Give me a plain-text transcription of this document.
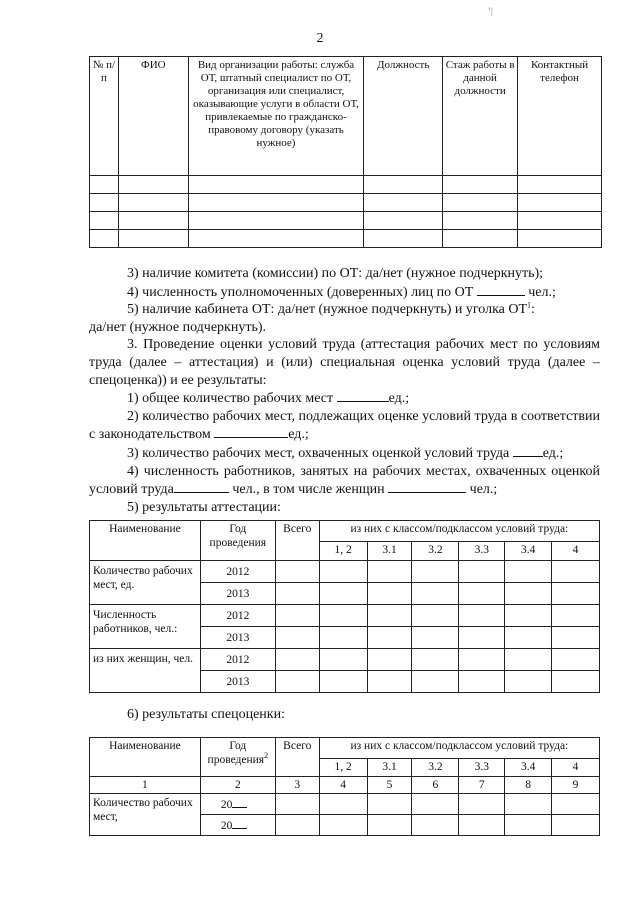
ʽ|
2
№ п/п	ФИО	Вид организации работы: служба ОТ, штатный специалист по ОТ, организация или специалист, оказывающие услуги в области ОТ, привлекаемые по гражданско-правовому договору (указать нужное)	Должность	Стаж работы в данной должности	Контактный телефон

3) наличие комитета (комиссии) по ОТ: да/нет (нужное подчеркнуть);

4) численность уполномоченных (доверенных) лиц по ОТ	чел.;

5) наличие кабинета ОТ: да/нет (нужное подчеркнуть) и уголка $ОТ^1$:

да/нет (нужное подчеркнуть).

3. Проведение оценки условий труда (аттестация рабочих мест по условиям труда (далее – аттестация) и (или) специальная оценка условий труда (далее – спецоценка)) и ее результаты:

1) общее количество рабочих мест	ед.;

2) количество рабочих мест, подлежащих оценке условий труда в соответствии с законодательством	ед.;

3) количество рабочих мест, охваченных оценкой условий труда ед.;

4) численность работников, занятых на рабочих местах, охваченных оценкой условий труда	чел., в том числе женщин	чел.;

5) результаты аттестации:

Наименование	Год проведения	Всего	из них с классом/подклассом условий труда:					
			1, 2	3.1	3.2	3.3	3.4	4
Количество рабочих мест, ед.	2012							
	2013							
Численность работников, чел.:	2012							
	2013							
из них женщин, чел.	2012							
	2013							
6) результаты спецоценки:
Наименование	Год проведения$^2$	Всего	из них с классом/подклассом условий труда:					
			1, 2	3.1	3.2	3.3	3.4	4
1	2	3	4	5	6	7	8	9
Количество рабочих мест,	20							
	20							
